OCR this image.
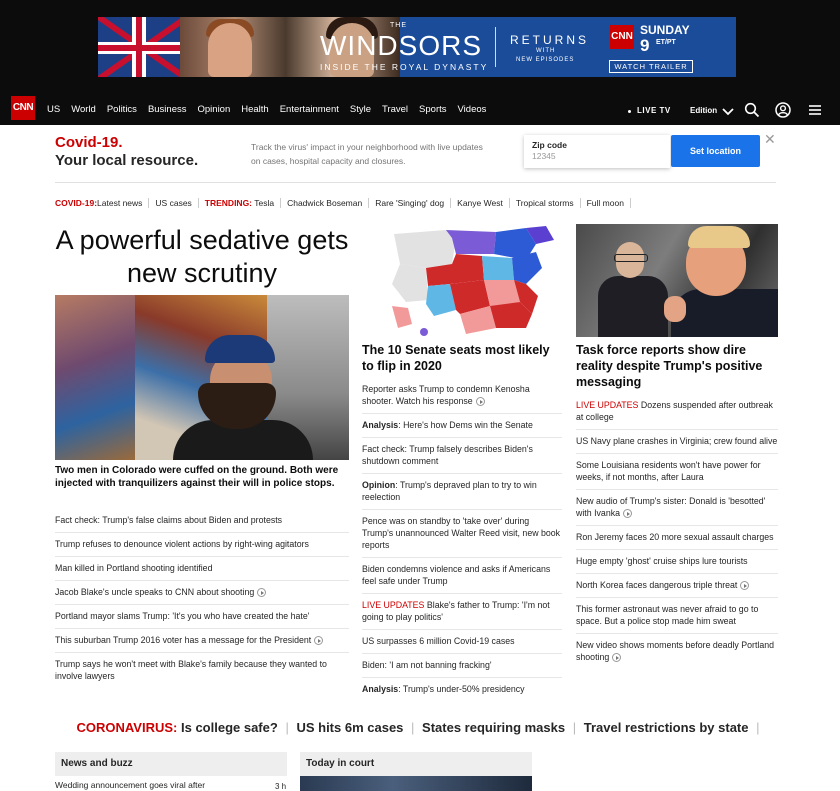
THE
WINDSORS
INSIDE THE ROYAL DYNASTY
RETURNS
WITH
NEW EPISODES
CNN SUNDAY
9 ET/PT
WATCH TRAILER
CNN US World Politics Business Opinion Health Entertainment Style Travel Sports Videos	LIVE TV Edition
Covid-19.
Your local resource.
Track the virus' impact in your neighborhood with live updates on cases, hospital capacity and closures.
Zip code
12345	Set location
✕
COVID-19:Latest news	US cases	TRENDING: Tesla	Chadwick Boseman	Rare 'Singing' dog	Kanye West	Tropical storms	Full moon
A powerful sedative gets new scrutiny
Two men in Colorado were cuffed on the ground. Both were injected with tranquilizers against their will in police stops.
Fact check: Trump's false claims about Biden and protests
Trump refuses to denounce violent actions by right-wing agitators
Man killed in Portland shooting identified
Jacob Blake's uncle speaks to CNN about shooting
Portland mayor slams Trump: 'It's you who have created the hate'
This suburban Trump 2016 voter has a message for the President
Trump says he won't meet with Blake's family because they wanted to involve lawyers
The 10 Senate seats most likely to flip in 2020
Reporter asks Trump to condemn Kenosha shooter. Watch his response
Analysis: Here's how Dems win the Senate
Fact check: Trump falsely describes Biden's shutdown comment
Opinion: Trump's depraved plan to try to win reelection
Pence was on standby to 'take over' during Trump's unannounced Walter Reed visit, new book reports
Biden condemns violence and asks if Americans feel safe under Trump
LIVE UPDATES Blake's father to Trump: 'I'm not going to play politics'
US surpasses 6 million Covid-19 cases
Biden: 'I am not banning fracking'
Analysis: Trump's under-50% presidency
Task force reports show dire reality despite Trump's positive messaging
LIVE UPDATES Dozens suspended after outbreak at college
US Navy plane crashes in Virginia; crew found alive
Some Louisiana residents won't have power for weeks, if not months, after Laura
New audio of Trump's sister: Donald is 'besotted' with Ivanka
Ron Jeremy faces 20 more sexual assault charges
Huge empty 'ghost' cruise ships lure tourists
North Korea faces dangerous triple threat
This former astronaut was never afraid to go to space. But a police stop made him sweat
New video shows moments before deadly Portland shooting
CORONAVIRUS: Is college safe? | US hits 6m cases | States requiring masks | Travel restrictions by state |
News and buzz
Wedding announcement goes viral after	3 h
Today in court
